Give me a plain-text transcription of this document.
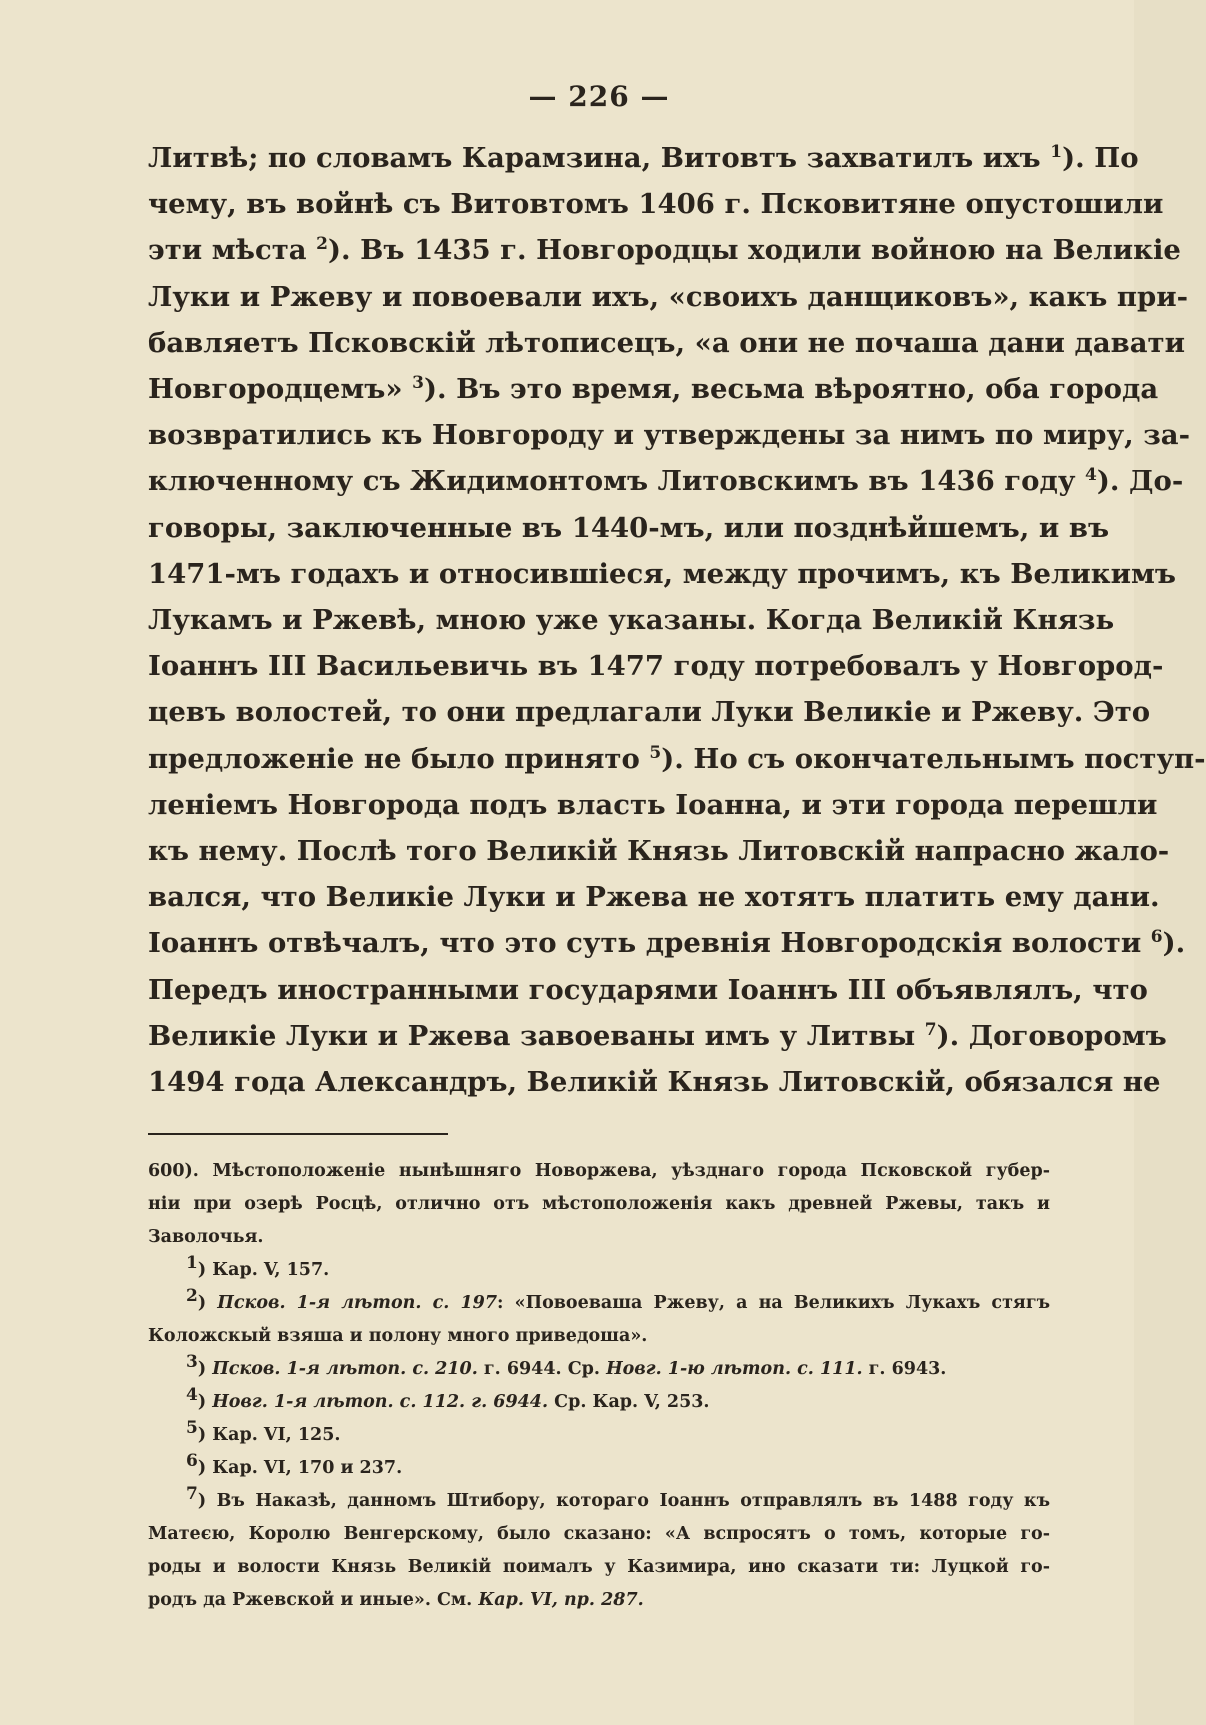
— 226 —

Литвѣ; по словамъ Карамзина, Витовтъ захватилъ ихъ $^1$). По

чему, въ войнѣ съ Витовтомъ 1406 г. Псковитяне опустошили

эти мѣста $^2$). Въ 1435 г. Новгородцы ходили войною на Великіе

Луки и Ржеву и повоевали ихъ, «своихъ данщиковъ», какъ при-

бавляетъ Псковскій лѣтописецъ, «а они не почаша дани давати

Новгородцемъ» $^3$). Въ это время, весьма вѣроятно, оба города

возвратились къ Новгороду и утверждены за нимъ по миру, за-

ключенному съ Жидимонтомъ Литовскимъ въ 1436 году $^4$). До-

говоры, заключенные въ 1440-мъ, или позднѣйшемъ, и въ

1471-мъ годахъ и относившіеся, между прочимъ, къ Великимъ

Лукамъ и Ржевѣ, мною уже указаны. Когда Великій Князь

Іоаннъ III Васильевичь въ 1477 году потребовалъ у Новгород-

цевъ волостей, то они предлагали Луки Великіе и Ржеву. Это

предложеніе не было принято $^5$). Но съ окончательнымъ поступ-

леніемъ Новгорода подъ власть Іоанна, и эти города перешли

къ нему. Послѣ того Великій Князь Литовскій напрасно жало-

вался, что Великіе Луки и Ржева не хотятъ платить ему дани.

Іоаннъ отвѣчалъ, что это суть древнія Новгородскія волости $^6$).

Передъ иностранными государями Іоаннъ III объявлялъ, что

Великіе Луки и Ржева завоеваны имъ у Литвы $^7$). Договоромъ

1494 года Александръ, Великій Князь Литовскій, обязался не

600). Мѣстоположеніе нынѣшняго Новоржева, уѣзднаго города Псковской губер-

ніи при озерѣ Росцѣ, отлично отъ мѣстоположенія какъ древней Ржевы, такъ и

Заволочья.

$^1$) Кар. V, 157.

$^2$) Псков. 1-я лѣтоп. с. 197: «Повоеваша Ржеву, а на Великихъ Лукахъ стягъ

Коложскый взяша и полону много приведоша».

$^3$) Псков. 1-я лѣтоп. с. 210. г. 6944. Ср. Новг. 1-ю лѣтоп. с. 111. г. 6943.

$^4$) Новг. 1-я лѣтоп. с. 112. г. 6944. Ср. Кар. V, 253.

$^5$) Кар. VI, 125.

$^6$) Кар. VI, 170 и 237.

$^7$) Въ Наказѣ, данномъ Штибору, котораго Іоаннъ отправлялъ въ 1488 году къ

Матеєю, Королю Венгерскому, было сказано: «А вспросятъ о томъ, которые го-

роды и волости Князь Великій поималъ у Казимира, ино сказати ти: Луцкой го-

родъ да Ржевской и иные». См. Кар. VI, пр. 287.
